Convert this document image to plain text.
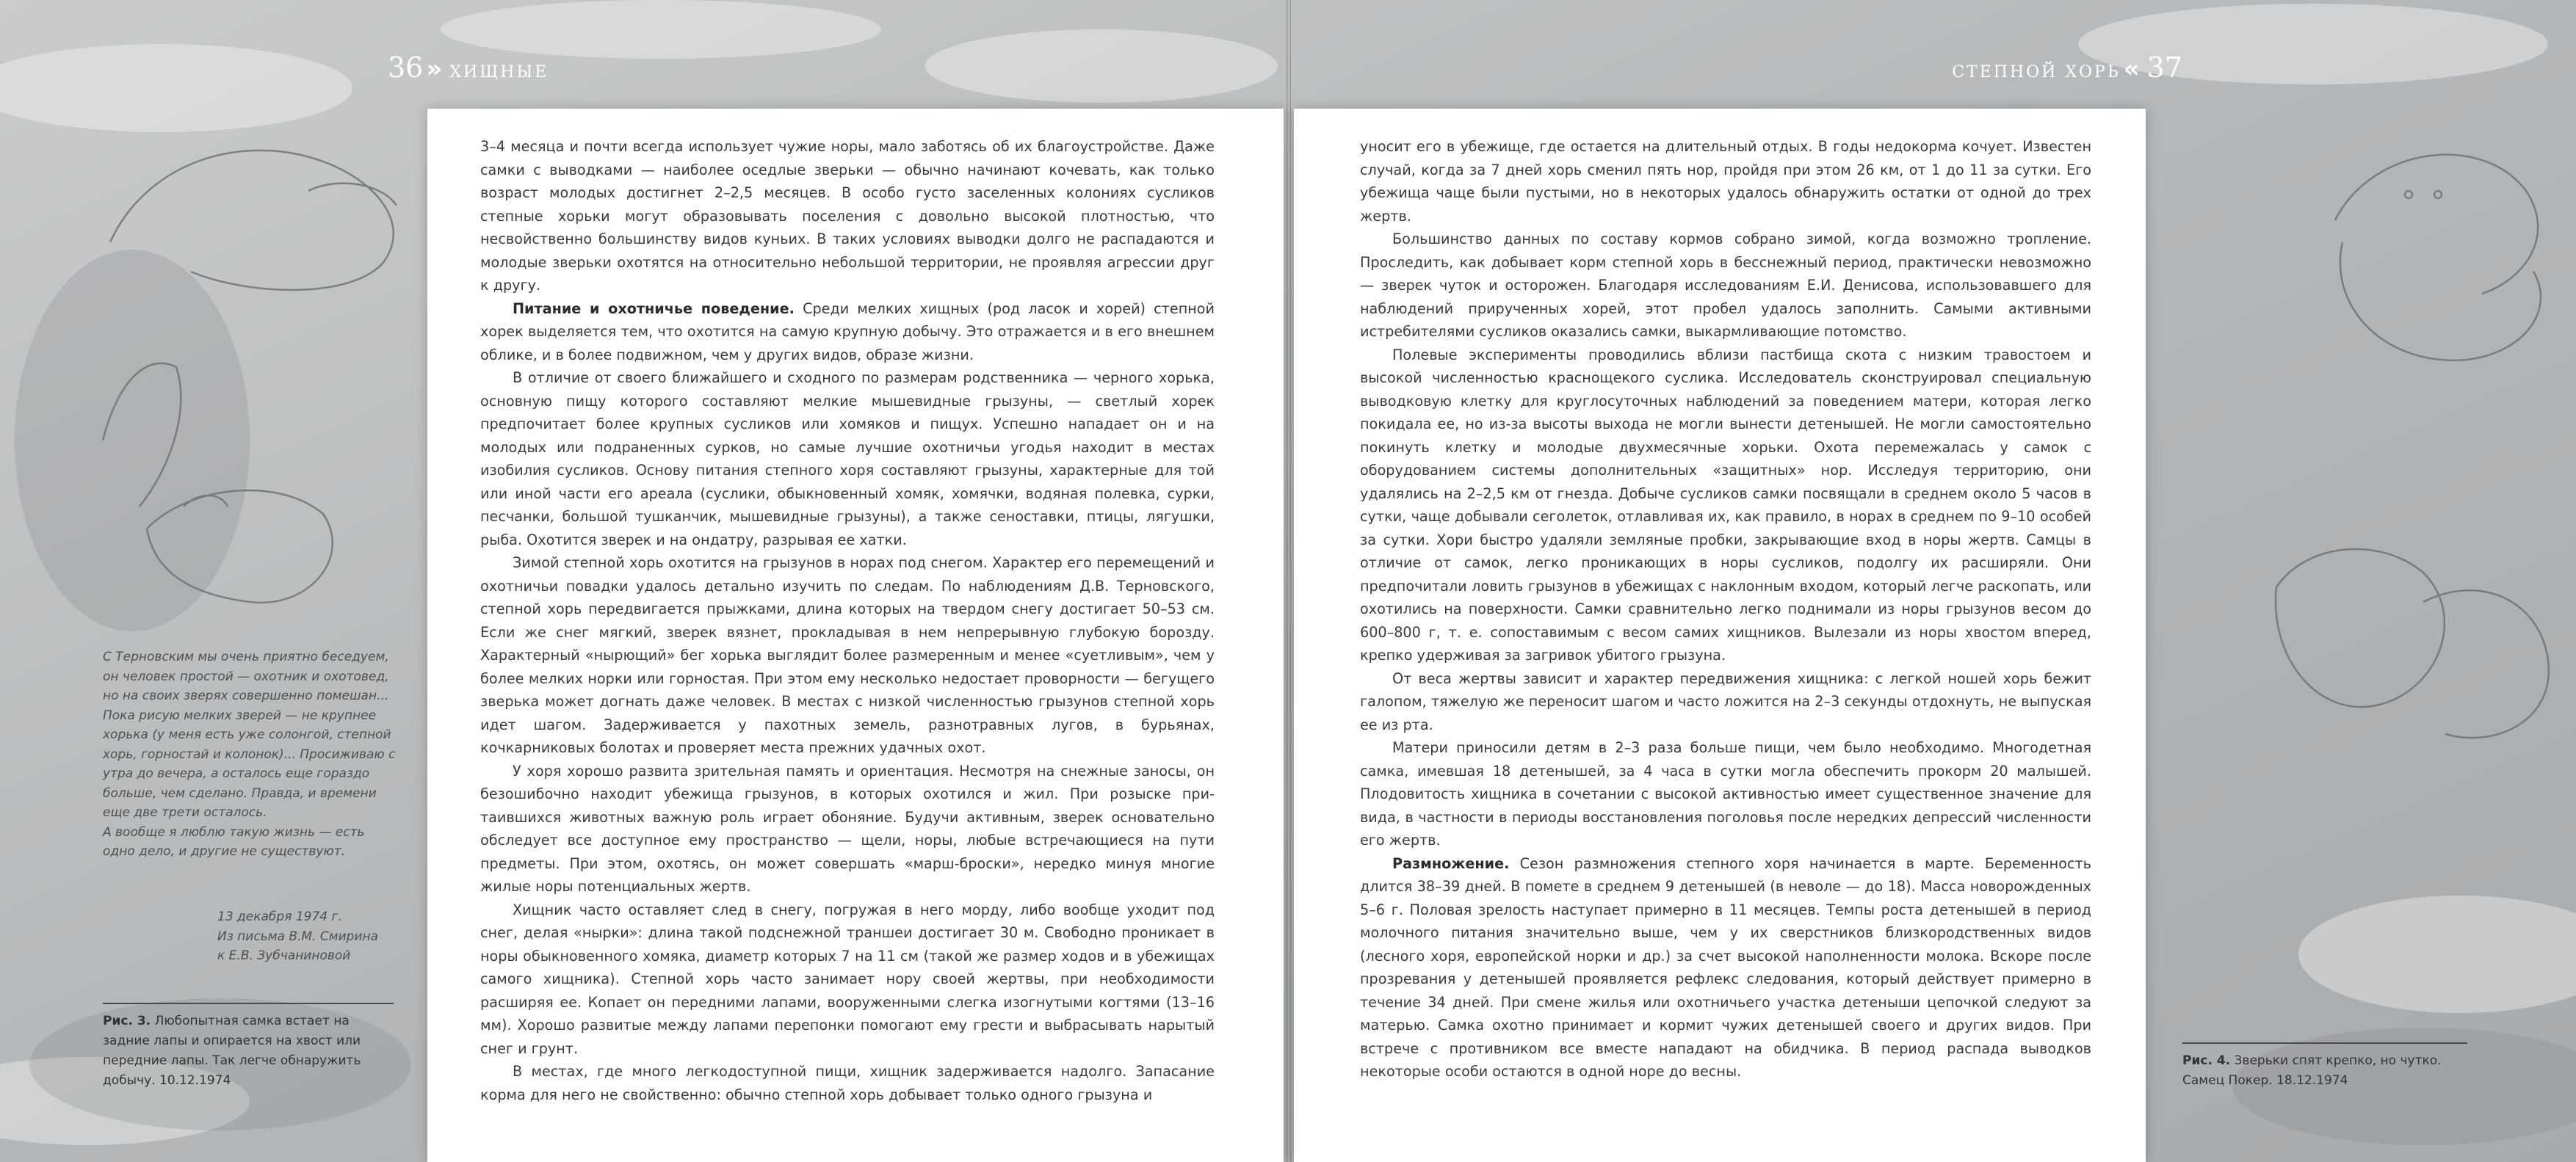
36 » ХИЩНЫЕ	СТЕПНОЙ ХОРЬ « 37

С Терновским мы очень приятно беседуем, он человек простой — охотник и охотовед, но на своих зверях совершенно помешан... Пока рисую мелких зверей — не крупнее хорька (у меня есть уже солонгой, степной хорь, горностай и колонок)... Просиживаю с утра до вечера, а осталось еще гораздо больше, чем сделано. Правда, и времени еще две трети осталось.

А вообще я люблю такую жизнь — есть одно дело, и другие не существуют.

13 декабря 1974 г.
Из письма В.М. Смирина
к Е.В. Зубчаниновой
Рис. 3. Любопытная самка встает на задние лапы и опирается на хвост или передние лапы. Так легче обнаружить добычу. 10.12.1974
Рис. 4. Зверьки спят крепко, но чутко. Самец Покер. 18.12.1974

3–4 месяца и почти всегда использует чужие норы, мало заботясь об их благоустройстве. Даже самки с выводками — наиболее оседлые зверьки — обычно начинают кочевать, как только возраст молодых достигнет 2–2,5 месяцев. В особо густо заселенных колониях сусликов степные хорьки могут образовывать поселения с довольно высокой плотностью, что несвойственно большинству видов куньих. В таких условиях выводки долго не распадаются и молодые зверьки охотятся на относительно небольшой территории, не проявляя агрессии друг к другу.

Питание и охотничье поведение. Среди мелких хищных (род ласок и хорей) степной хорек выделяется тем, что охотится на самую крупную добычу. Это отражается и в его внешнем облике, и в более подвижном, чем у других видов, образе жизни.

В отличие от своего ближайшего и сходного по размерам родственника — черного хорька, основную пищу которого составляют мелкие мышевидные грызуны, — светлый хорек предпочитает более крупных сусликов или хомяков и пищух. Успешно нападает он и на молодых или подраненных сурков, но самые лучшие охотничьи угодья находит в местах изобилия сусликов. Основу питания степного хоря составляют грызуны, характерные для той или иной части его ареала (суслики, обыкновенный хомяк, хомячки, водяная полевка, сурки, песчанки, большой тушканчик, мышевидные грызуны), а также сеноставки, птицы, лягушки, рыба. Охотится зверек и на ондатру, разрывая ее хатки.

Зимой степной хорь охотится на грызунов в норах под снегом. Характер его перемещений и охотничьи повадки удалось детально изучить по следам. По наблюдениям Д.В. Терновского, степной хорь передвигается прыжками, длина которых на твердом снегу достигает 50–53 см. Если же снег мягкий, зверек вязнет, прокладывая в нем непрерывную глубокую борозду. Характерный «нырющий» бег хорька выглядит более размеренным и менее «суетливым», чем у более мелких норки или горностая. При этом ему несколько недостает проворности — бегущего зверька может догнать даже человек. В местах с низкой численностью грызунов степной хорь идет шагом. Задерживается у пахотных земель, разнотравных лугов, в бурьянах, кочкарниковых болотах и проверяет места прежних удачных охот.

У хоря хорошо развита зрительная память и ориентация. Несмотря на снежные заносы, он безошибочно находит убежища грызунов, в которых охотился и жил. При розыске притаившихся животных важную роль играет обоняние. Будучи активным, зверек основательно обследует все доступное ему пространство — щели, норы, любые встречающиеся на пути предметы. При этом, охотясь, он может совершать «марш-броски», нередко минуя многие жилые норы потенциальных жертв.

Хищник часто оставляет след в снегу, погружая в него морду, либо вообще уходит под снег, делая «нырки»: длина такой подснежной траншеи достигает 30 м. Свободно проникает в норы обыкновенного хомяка, диаметр которых 7 на 11 см (такой же размер ходов и в убежищах самого хищника). Степной хорь часто занимает нору своей жертвы, при необходимости расширяя ее. Копает он передними лапами, вооруженными слегка изогнутыми когтями (13–16 мм). Хорошо развитые между лапами перепонки помогают ему грести и выбрасывать нарытый снег и грунт.

В местах, где много легкодоступной пищи, хищник задерживается надолго. Запасание корма для него не свойственно: обычно степной хорь добывает только одного грызуна и

уносит его в убежище, где остается на длительный отдых. В годы недокорма кочует. Известен случай, когда за 7 дней хорь сменил пять нор, пройдя при этом 26 км, от 1 до 11 за сутки. Его убежища чаще были пустыми, но в некоторых удалось обнаружить остатки от одной до трех жертв.

Большинство данных по составу кормов собрано зимой, когда возможно тропление. Проследить, как добывает корм степной хорь в бесснежный период, практически невозможно — зверек чуток и осторожен. Благодаря исследованиям Е.И. Денисова, использовавшего для наблюдений прирученных хорей, этот пробел удалось заполнить. Самыми активными истребителями сусликов оказались самки, выкармливающие потомство.

Полевые эксперименты проводились вблизи пастбища скота с низким травостоем и высокой численностью краснощекого суслика. Исследователь сконструировал специальную выводковую клетку для круглосуточных наблюдений за поведением матери, которая легко покидала ее, но из-за высоты выхода не могли вынести детенышей. Не могли самостоятельно покинуть клетку и молодые двухмесячные хорьки. Охота перемежалась у самок с оборудованием системы дополнительных «защитных» нор. Исследуя территорию, они удалялись на 2–2,5 км от гнезда. Добыче сусликов самки посвящали в среднем около 5 часов в сутки, чаще добывали сеголеток, отлавливая их, как правило, в норах в среднем по 9–10 особей за сутки. Хори быстро удаляли земляные пробки, закрывающие вход в норы жертв. Самцы в отличие от самок, легко проникающих в норы сусликов, подолгу их расширяли. Они предпочитали ловить грызунов в убежищах с наклонным входом, который легче раскопать, или охотились на поверхности. Самки сравнительно легко поднимали из норы грызунов весом до 600–800 г, т. е. сопоставимым с весом самих хищников. Вылезали из норы хвостом вперед, крепко удерживая за загривок убитого грызуна.

От веса жертвы зависит и характер передвижения хищника: с легкой ношей хорь бежит галопом, тяжелую же переносит шагом и часто ложится на 2–3 секунды отдохнуть, не выпуская ее из рта.

Матери приносили детям в 2–3 раза больше пищи, чем было необходимо. Многодетная самка, имевшая 18 детенышей, за 4 часа в сутки могла обеспечить прокорм 20 малышей. Плодовитость хищника в сочетании с высокой активностью имеет существенное значение для вида, в частности в периоды восстановления поголовья после нередких депрессий численности его жертв.

Размножение. Сезон размножения степного хоря начинается в марте. Беременность длится 38–39 дней. В помете в среднем 9 детенышей (в неволе — до 18). Масса новорожденных 5–6 г. Половая зрелость наступает примерно в 11 месяцев. Темпы роста детенышей в период молочного питания значительно выше, чем у их свеpстников близкородственных видов (лесного хоря, европейской норки и др.) за счет высокой наполненности молока. Вскоре после прозревания у детенышей проявляется рефлекс следования, который действует примерно в течение 34 дней. При смене жилья или охотничьего участка детеныши цепочкой следуют за матерью. Самка охотно принимает и кормит чужих детенышей своего и других видов. При встрече с противником все вместе нападают на обидчика. В период распада выводков некоторые особи остаются в одной норе до весны.
